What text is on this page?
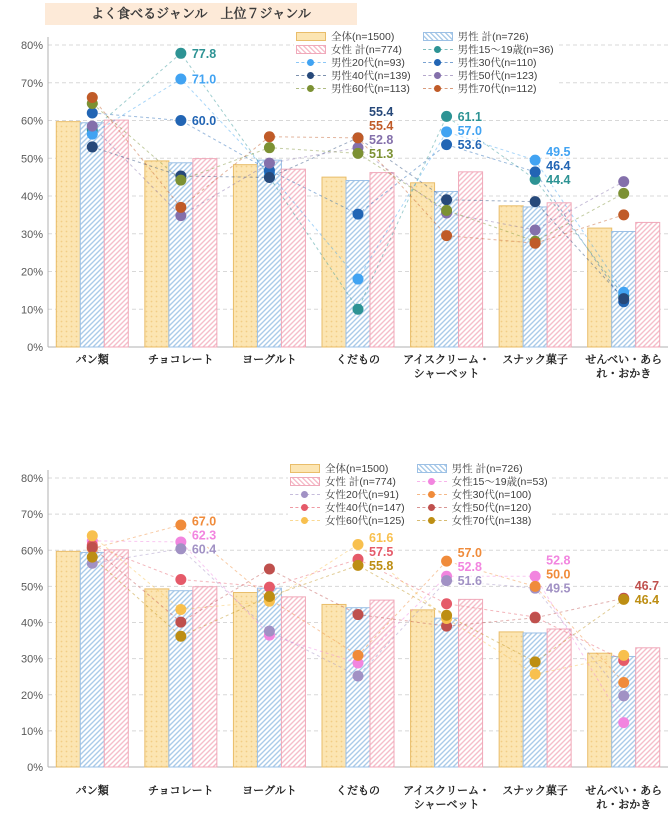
よく食べるジャンル　上位７ジャンル
0%
10%
20%
30%
40%
50%
60%
70%
80%
60.0
71.0
77.8
51.3
52.8
55.4
55.4
53.6
57.0
61.1
44.4
46.4
49.5
パン類	チョコレート	ヨーグルト	くだもの アイスクリーム・シャーベット
スナック菓子 せんべい・あられ・おかき
全体(n=1500)
女性 計(n=774)
男性20代(n=93)
男性40代(n=139)
男性60代(n=113)
男性 計(n=726)
男性15〜19歳(n=36)
男性30代(n=110)
男性50代(n=123)
男性70代(n=112)
0%
10%
20%
30%
40%
50%
60%
70%
80%
60.4
62.3
67.0
55.8
57.5
61.6
51.6
52.8
57.0
49.5
50.0
52.8
46.4
46.7
パン類	チョコレート	ヨーグルト	くだもの アイスクリーム・シャーベット
スナック菓子 せんべい・あられ・おかき
全体(n=1500)
女性 計(n=774)
女性20代(n=91)
女性40代(n=147)
女性60代(n=125)
男性 計(n=726)
女性15〜19歳(n=53)
女性30代(n=100)
女性50代(n=120)
女性70代(n=138)
